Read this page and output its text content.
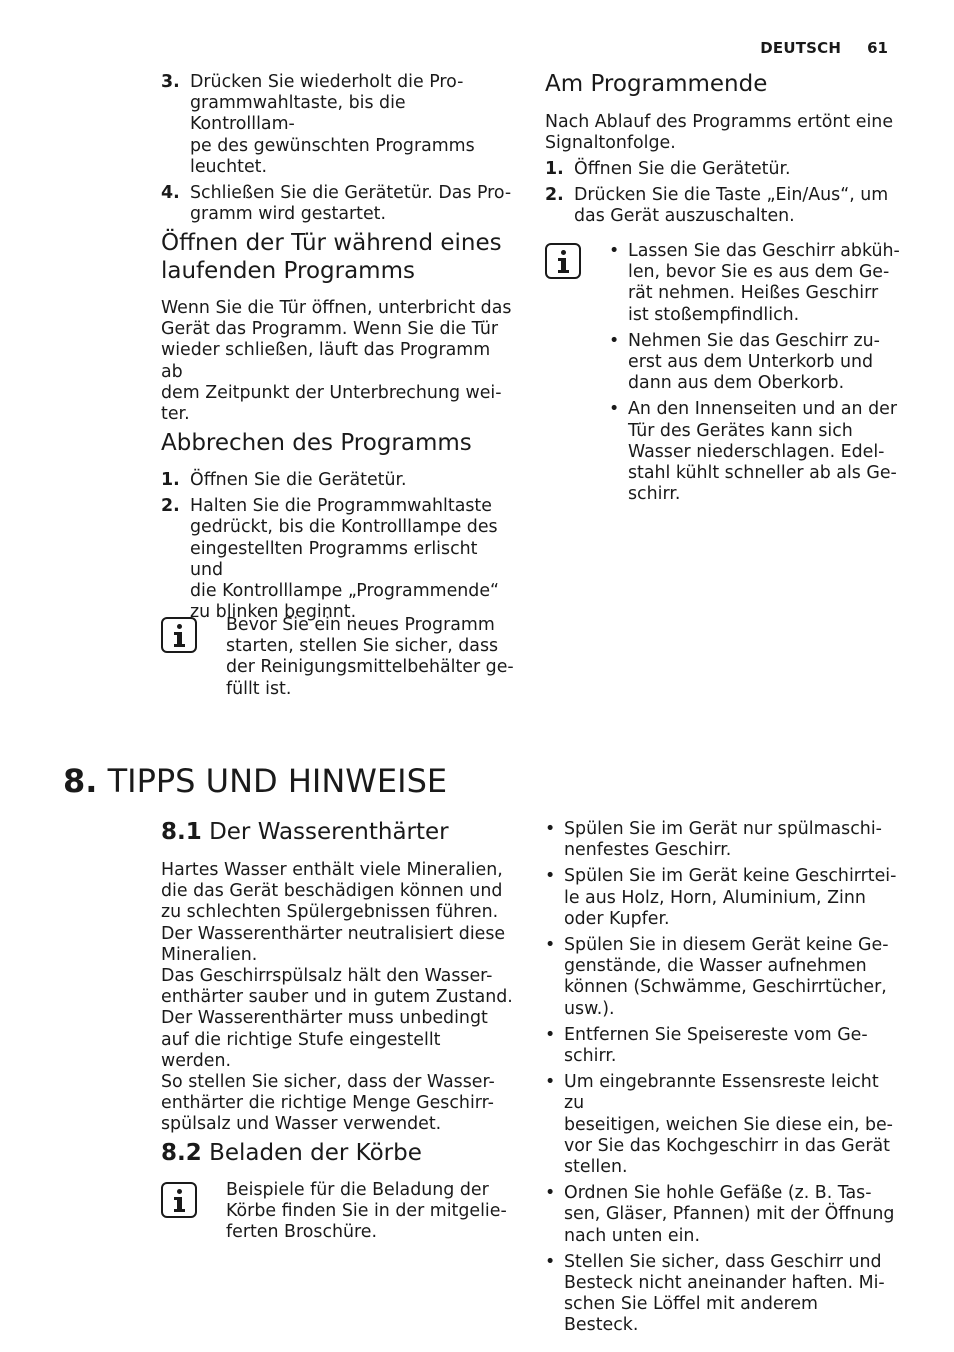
DEUTSCH 61
3. Drücken Sie wiederholt die Pro-
grammwahltaste, bis die Kontrolllam-
pe des gewünschten Programms
leuchtet.
4. Schließen Sie die Gerätetür. Das Pro-
gramm wird gestartet.
Öffnen der Tür während eines
laufenden Programms

Wenn Sie die Tür öffnen, unterbricht das
Gerät das Programm. Wenn Sie die Tür
wieder schließen, läuft das Programm ab
dem Zeitpunkt der Unterbrechung wei-
ter.

Abbrechen des Programms
1. Öffnen Sie die Gerätetür.
2. Halten Sie die Programmwahltaste
gedrückt, bis die Kontrolllampe des
eingestellten Programms erlischt und
die Kontrolllampe „Programmende“
zu blinken beginnt.

Bevor Sie ein neues Programm
starten, stellen Sie sicher, dass
der Reinigungsmittelbehälter ge-
füllt ist.

Am Programmende

Nach Ablauf des Programms ertönt eine
Signaltonfolge.

1. Öffnen Sie die Gerätetür.
2. Drücken Sie die Taste „Ein/Aus“, um
das Gerät auszuschalten.
• Lassen Sie das Geschirr abküh-
len, bevor Sie es aus dem Ge-
rät nehmen. Heißes Geschirr
ist stoßempfindlich.
• Nehmen Sie das Geschirr zu-
erst aus dem Unterkorb und
dann aus dem Oberkorb.
• An den Innenseiten und an der
Tür des Gerätes kann sich
Wasser niederschlagen. Edel-
stahl kühlt schneller ab als Ge-
schirr.
8. TIPPS UND HINWEISE
8.1 Der Wasserenthärter

Hartes Wasser enthält viele Mineralien,
die das Gerät beschädigen können und
zu schlechten Spülergebnissen führen.
Der Wasserenthärter neutralisiert diese
Mineralien.
Das Geschirrspülsalz hält den Wasser-
enthärter sauber und in gutem Zustand.
Der Wasserenthärter muss unbedingt
auf die richtige Stufe eingestellt werden.
So stellen Sie sicher, dass der Wasser-
enthärter die richtige Menge Geschirr-
spülsalz und Wasser verwendet.

8.2 Beladen der Körbe

Beispiele für die Beladung der
Körbe finden Sie in der mitgelie-
ferten Broschüre.

• Spülen Sie im Gerät nur spülmaschi-
nenfestes Geschirr.
• Spülen Sie im Gerät keine Geschirrtei-
le aus Holz, Horn, Aluminium, Zinn
oder Kupfer.
• Spülen Sie in diesem Gerät keine Ge-
genstände, die Wasser aufnehmen
können (Schwämme, Geschirrtücher,
usw.).
• Entfernen Sie Speisereste vom Ge-
schirr.
• Um eingebrannte Essensreste leicht zu
beseitigen, weichen Sie diese ein, be-
vor Sie das Kochgeschirr in das Gerät
stellen.
• Ordnen Sie hohle Gefäße (z. B. Tas-
sen, Gläser, Pfannen) mit der Öffnung
nach unten ein.
• Stellen Sie sicher, dass Geschirr und
Besteck nicht aneinander haften. Mi-
schen Sie Löffel mit anderem Besteck.
